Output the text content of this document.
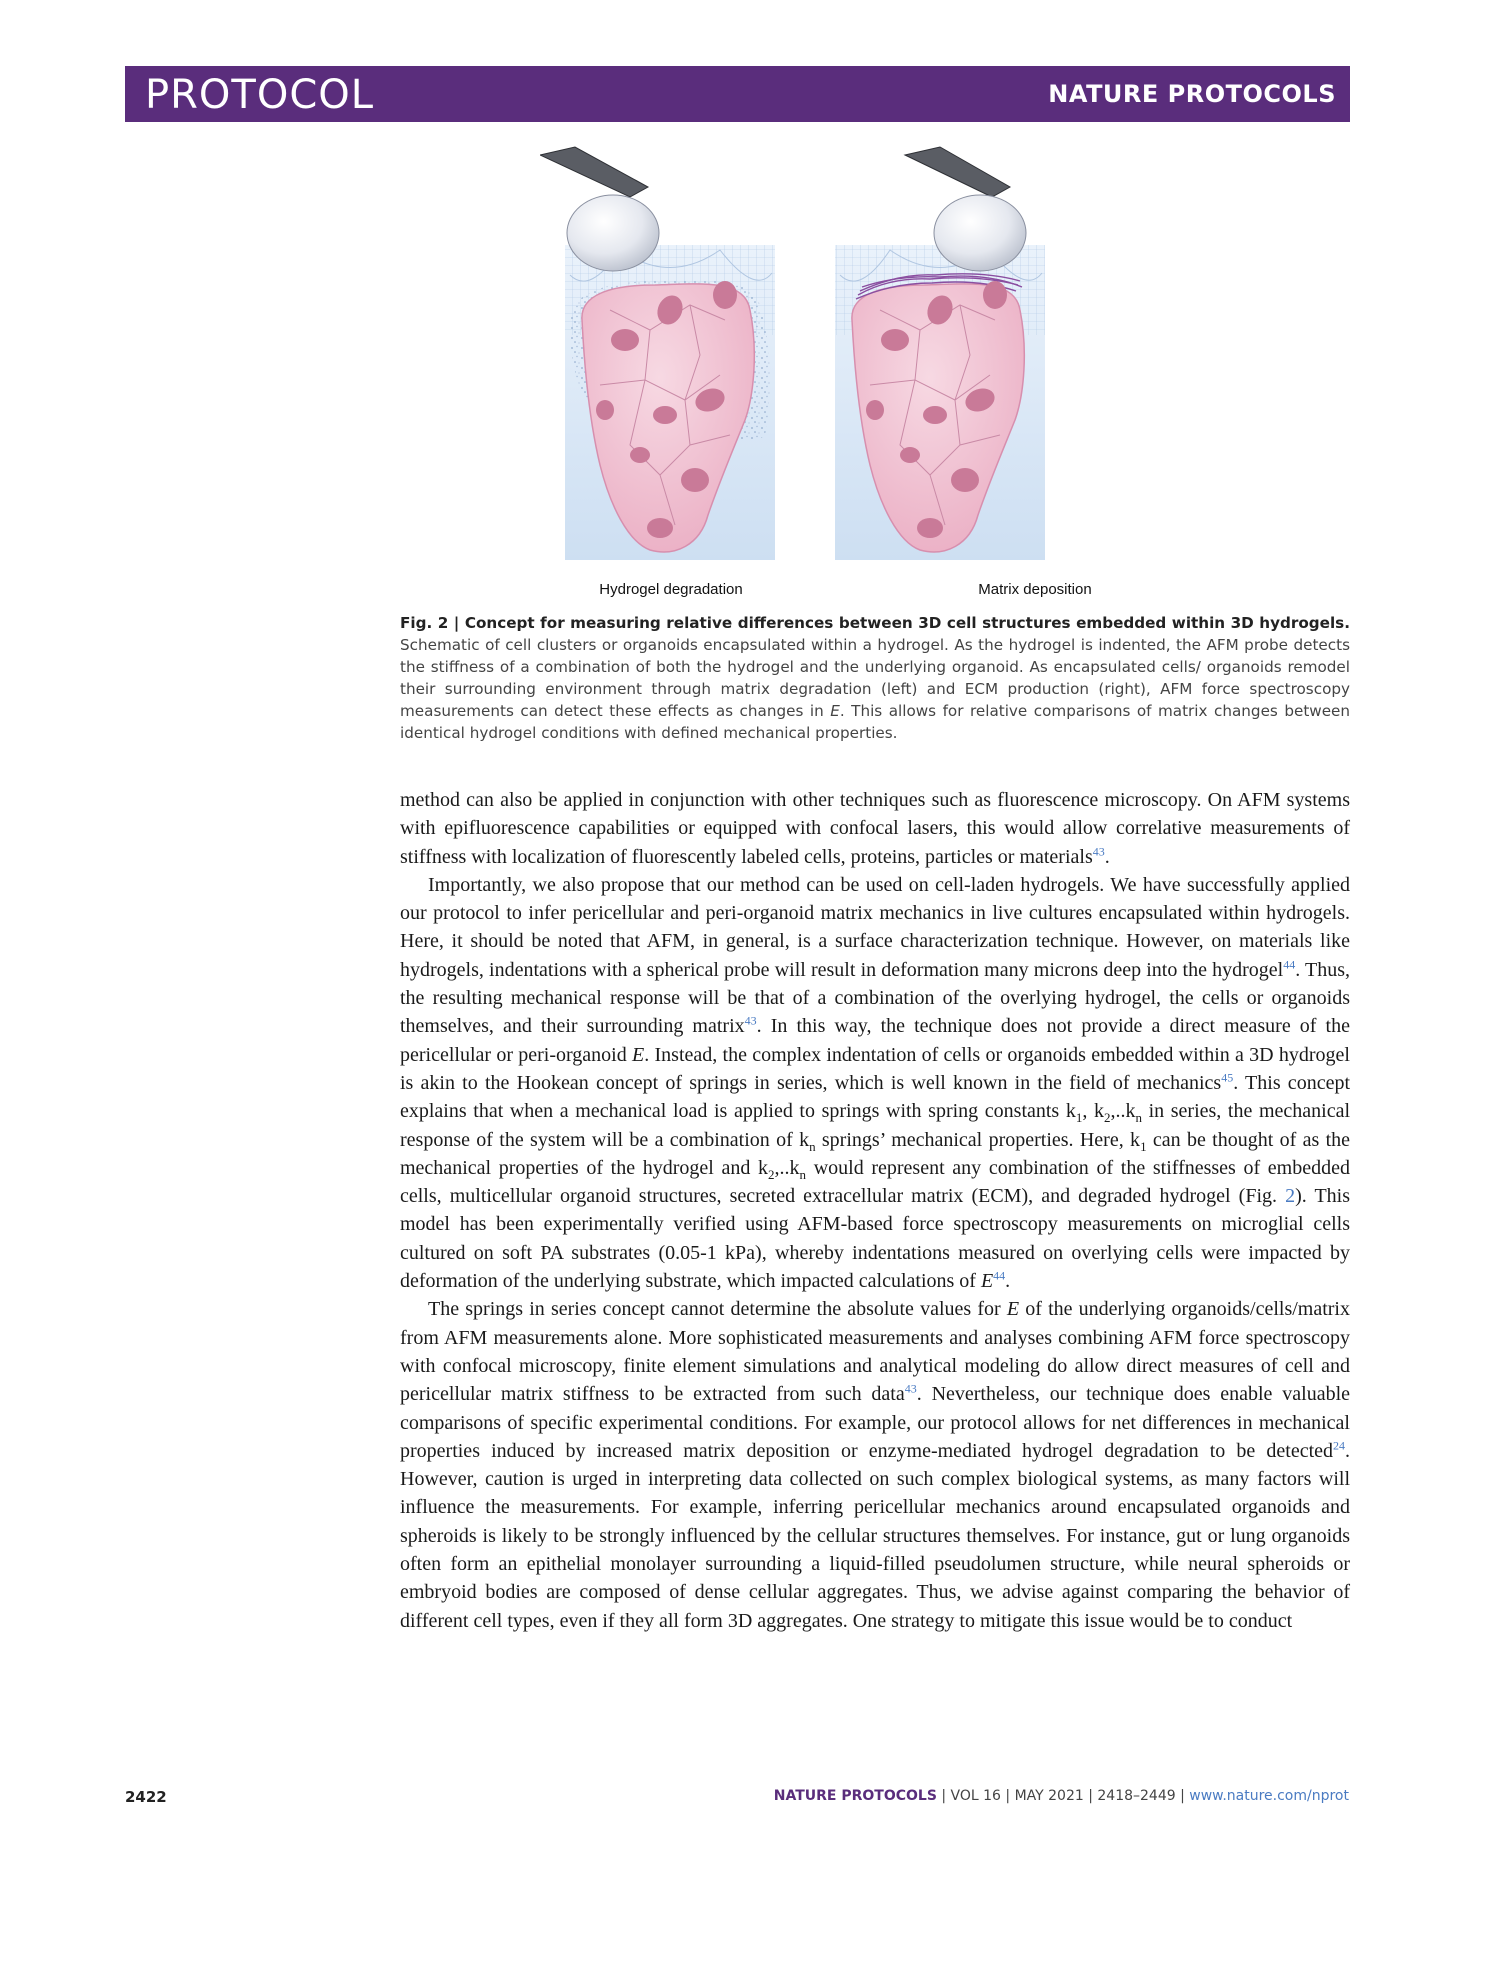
PROTOCOL	NATURE PROTOCOLS
Hydrogel degradation	Matrix deposition
Fig. 2 | Concept for measuring relative differences between 3D cell structures embedded within 3D hydrogels. Schematic of cell clusters or organoids encapsulated within a hydrogel. As the hydrogel is indented, the AFM probe detects the stiffness of a combination of both the hydrogel and the underlying organoid. As encapsulated cells/ organoids remodel their surrounding environment through matrix degradation (left) and ECM production (right), AFM force spectroscopy measurements can detect these effects as changes in E. This allows for relative comparisons of matrix changes between identical hydrogel conditions with defined mechanical properties.

method can also be applied in conjunction with other techniques such as fluorescence microscopy. On AFM systems with epifluorescence capabilities or equipped with confocal lasers, this would allow correlative measurements of stiffness with localization of fluorescently labeled cells, proteins, particles or materials$^{43}$.

Importantly, we also propose that our method can be used on cell-laden hydrogels. We have successfully applied our protocol to infer pericellular and peri-organoid matrix mechanics in live cultures encapsulated within hydrogels. Here, it should be noted that AFM, in general, is a surface characterization technique. However, on materials like hydrogels, indentations with a spherical probe will result in deformation many microns deep into the hydrogel$^{44}$. Thus, the resulting mechanical response will be that of a combination of the overlying hydrogel, the cells or organoids themselves, and their surrounding matrix$^{43}$. In this way, the technique does not provide a direct measure of the pericellular or peri-organoid E. Instead, the complex indentation of cells or organoids embedded within a 3D hydrogel is akin to the Hookean concept of springs in series, which is well known in the field of mechanics$^{45}$. This concept explains that when a mechanical load is applied to springs with spring constants $k_1$, $k_2,..k_n$ in series, the mechanical response of the system will be a combination of $k_n$ springs’ mechanical properties. Here, $k_1$ can be thought of as the mechanical properties of the hydrogel and $k_2,..k_n$ would represent any combination of the stiffnesses of embedded cells, multicellular organoid structures, secreted extracellular matrix (ECM), and degraded hydrogel (Fig. 2). This model has been experimentally verified using AFM-based force spectroscopy measurements on microglial cells cultured on soft PA substrates (0.05-1 kPa), whereby indentations measured on overlying cells were impacted by deformation of the underlying substrate, which impacted calculations of E$^{44}$.

The springs in series concept cannot determine the absolute values for E of the underlying organoids/cells/matrix from AFM measurements alone. More sophisticated measurements and analyses combining AFM force spectroscopy with confocal microscopy, finite element simulations and analytical modeling do allow direct measures of cell and pericellular matrix stiffness to be extracted from such data$^{43}$. Nevertheless, our technique does enable valuable comparisons of specific experimental conditions. For example, our protocol allows for net differences in mechanical properties induced by increased matrix deposition or enzyme-mediated hydrogel degradation to be detected$^{24}$. However, caution is urged in interpreting data collected on such complex biological systems, as many factors will influence the measurements. For example, inferring pericellular mechanics around encapsulated organoids and spheroids is likely to be strongly influenced by the cellular structures themselves. For instance, gut or lung organoids often form an epithelial monolayer surrounding a liquid-filled pseudolumen structure, while neural spheroids or embryoid bodies are composed of dense cellular aggregates. Thus, we advise against comparing the behavior of different cell types, even if they all form 3D aggregates. One strategy to mitigate this issue would be to conduct

2422	NATURE PROTOCOLS | VOL 16 | MAY 2021 | 2418–2449 | www.nature.com/nprot
